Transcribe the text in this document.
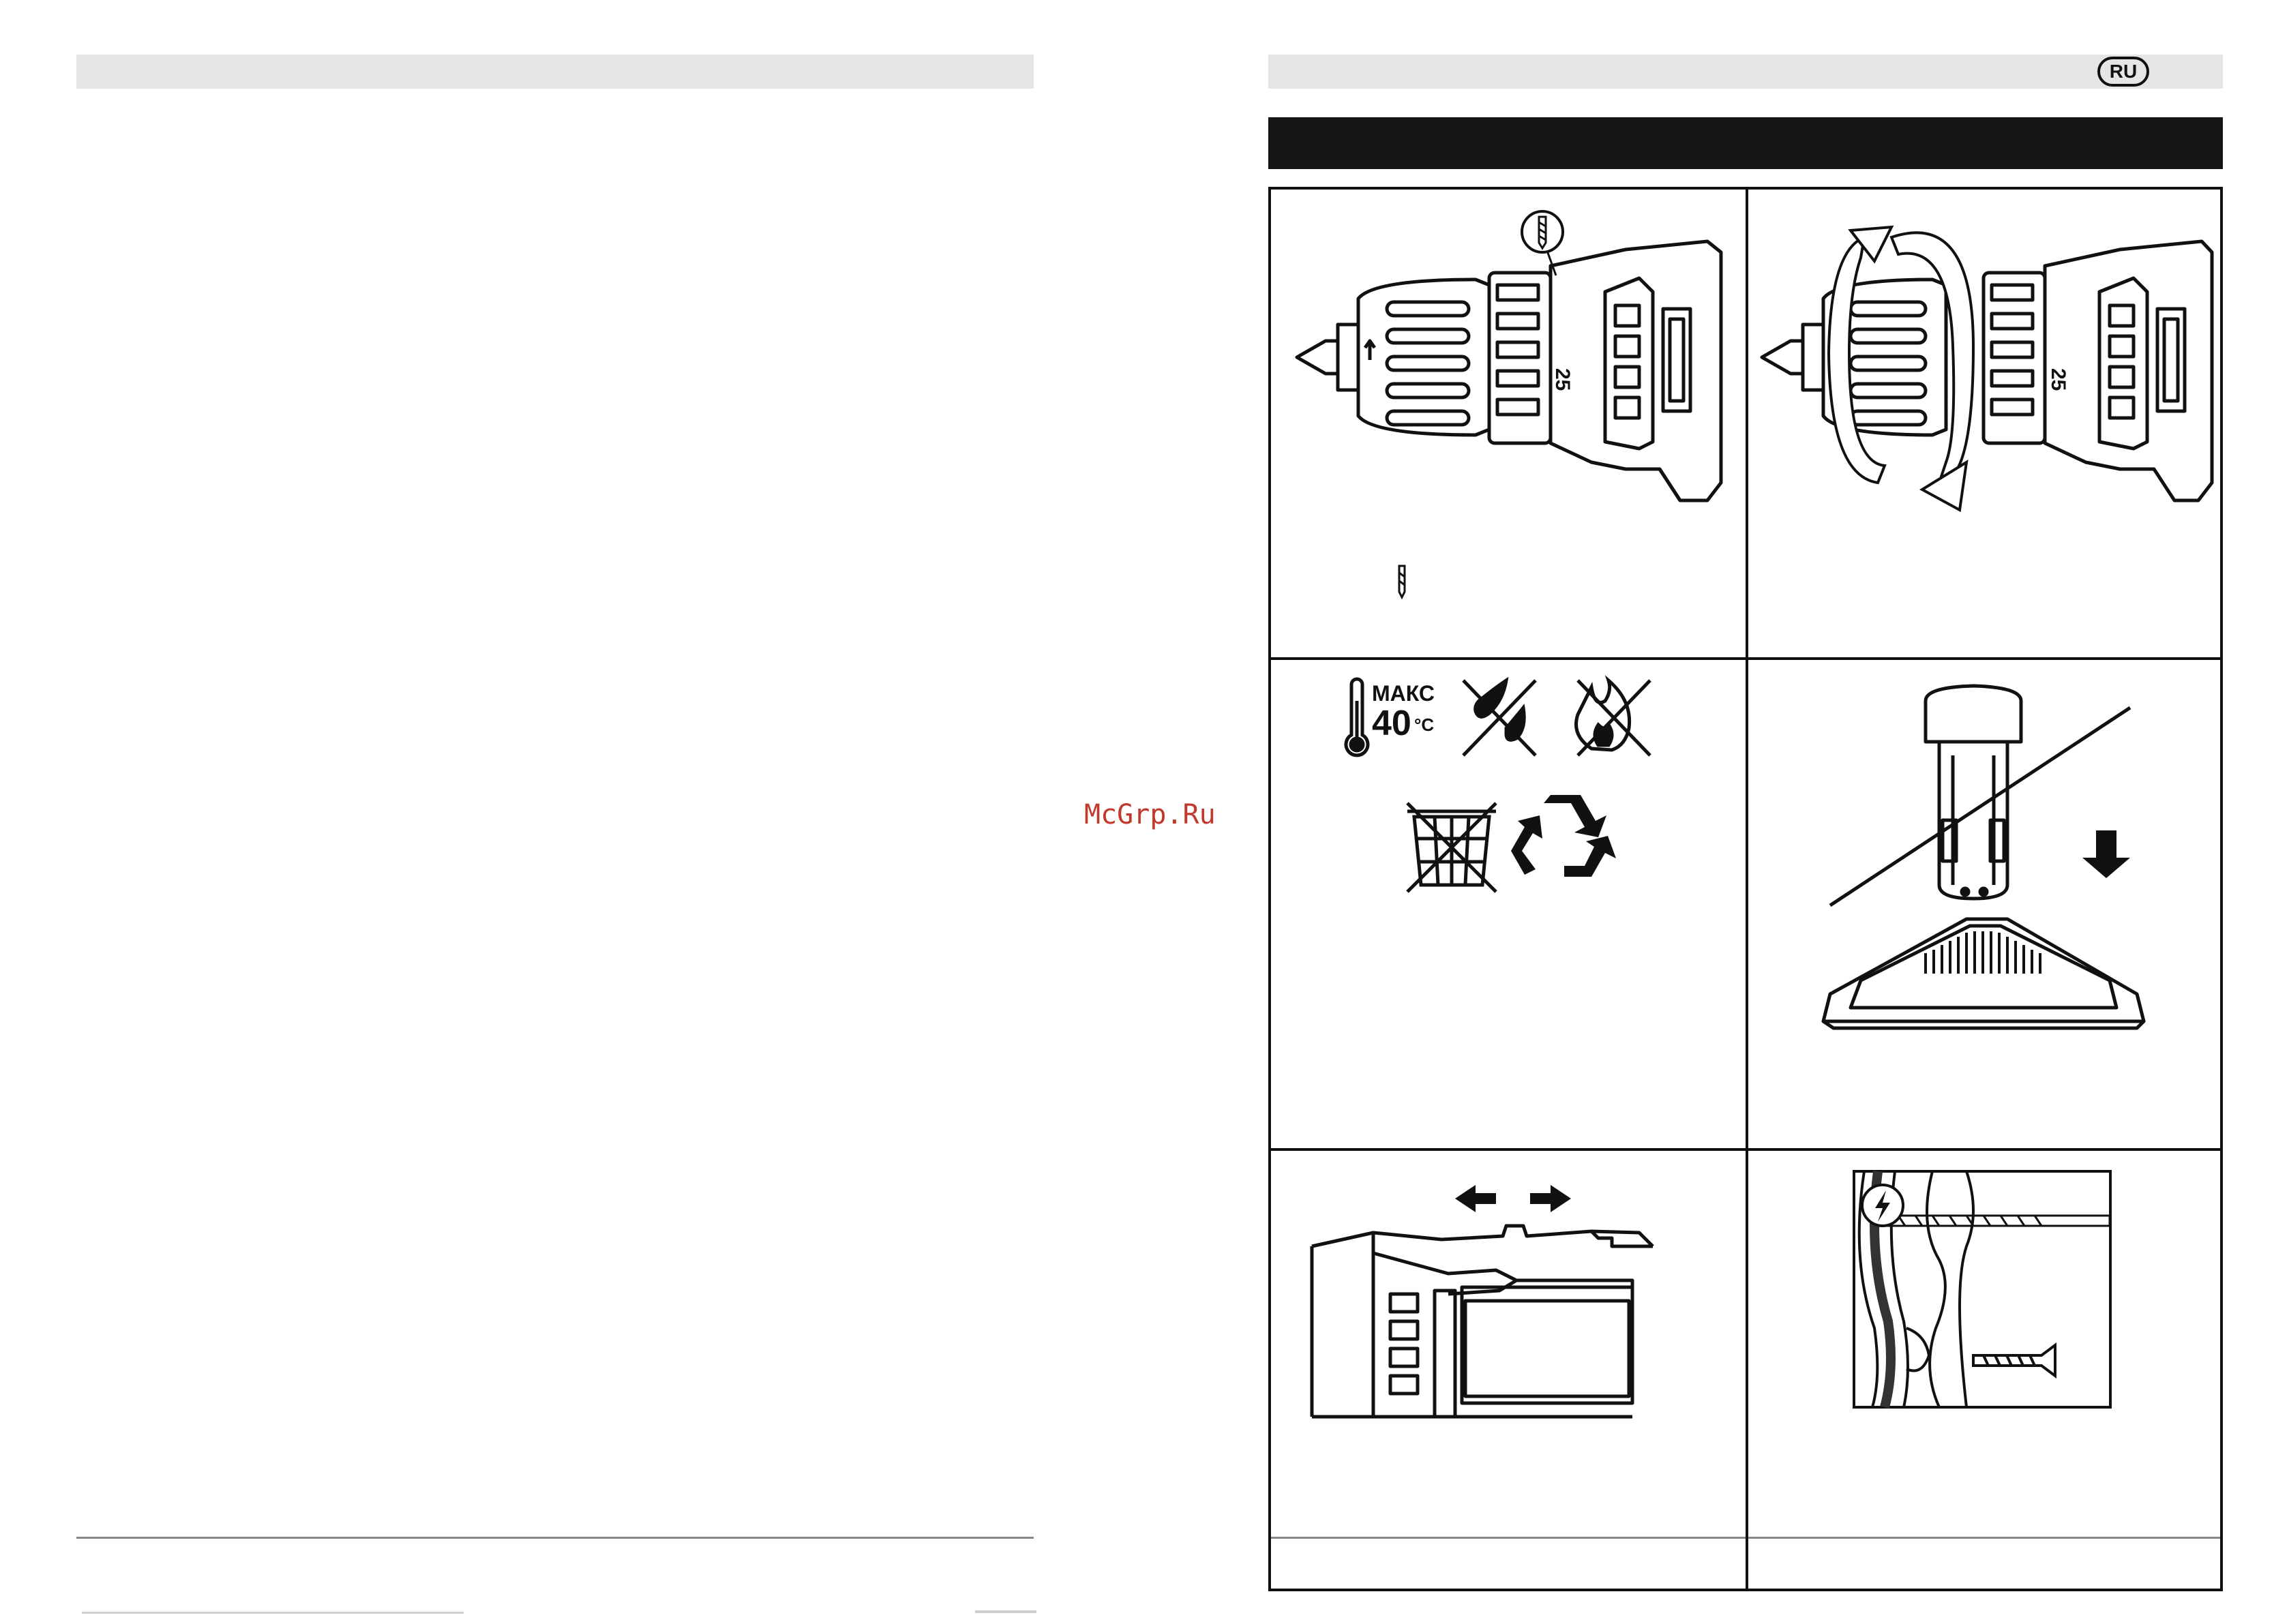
RU
McGrp.Ru
25	25
МАКС
40 °C
